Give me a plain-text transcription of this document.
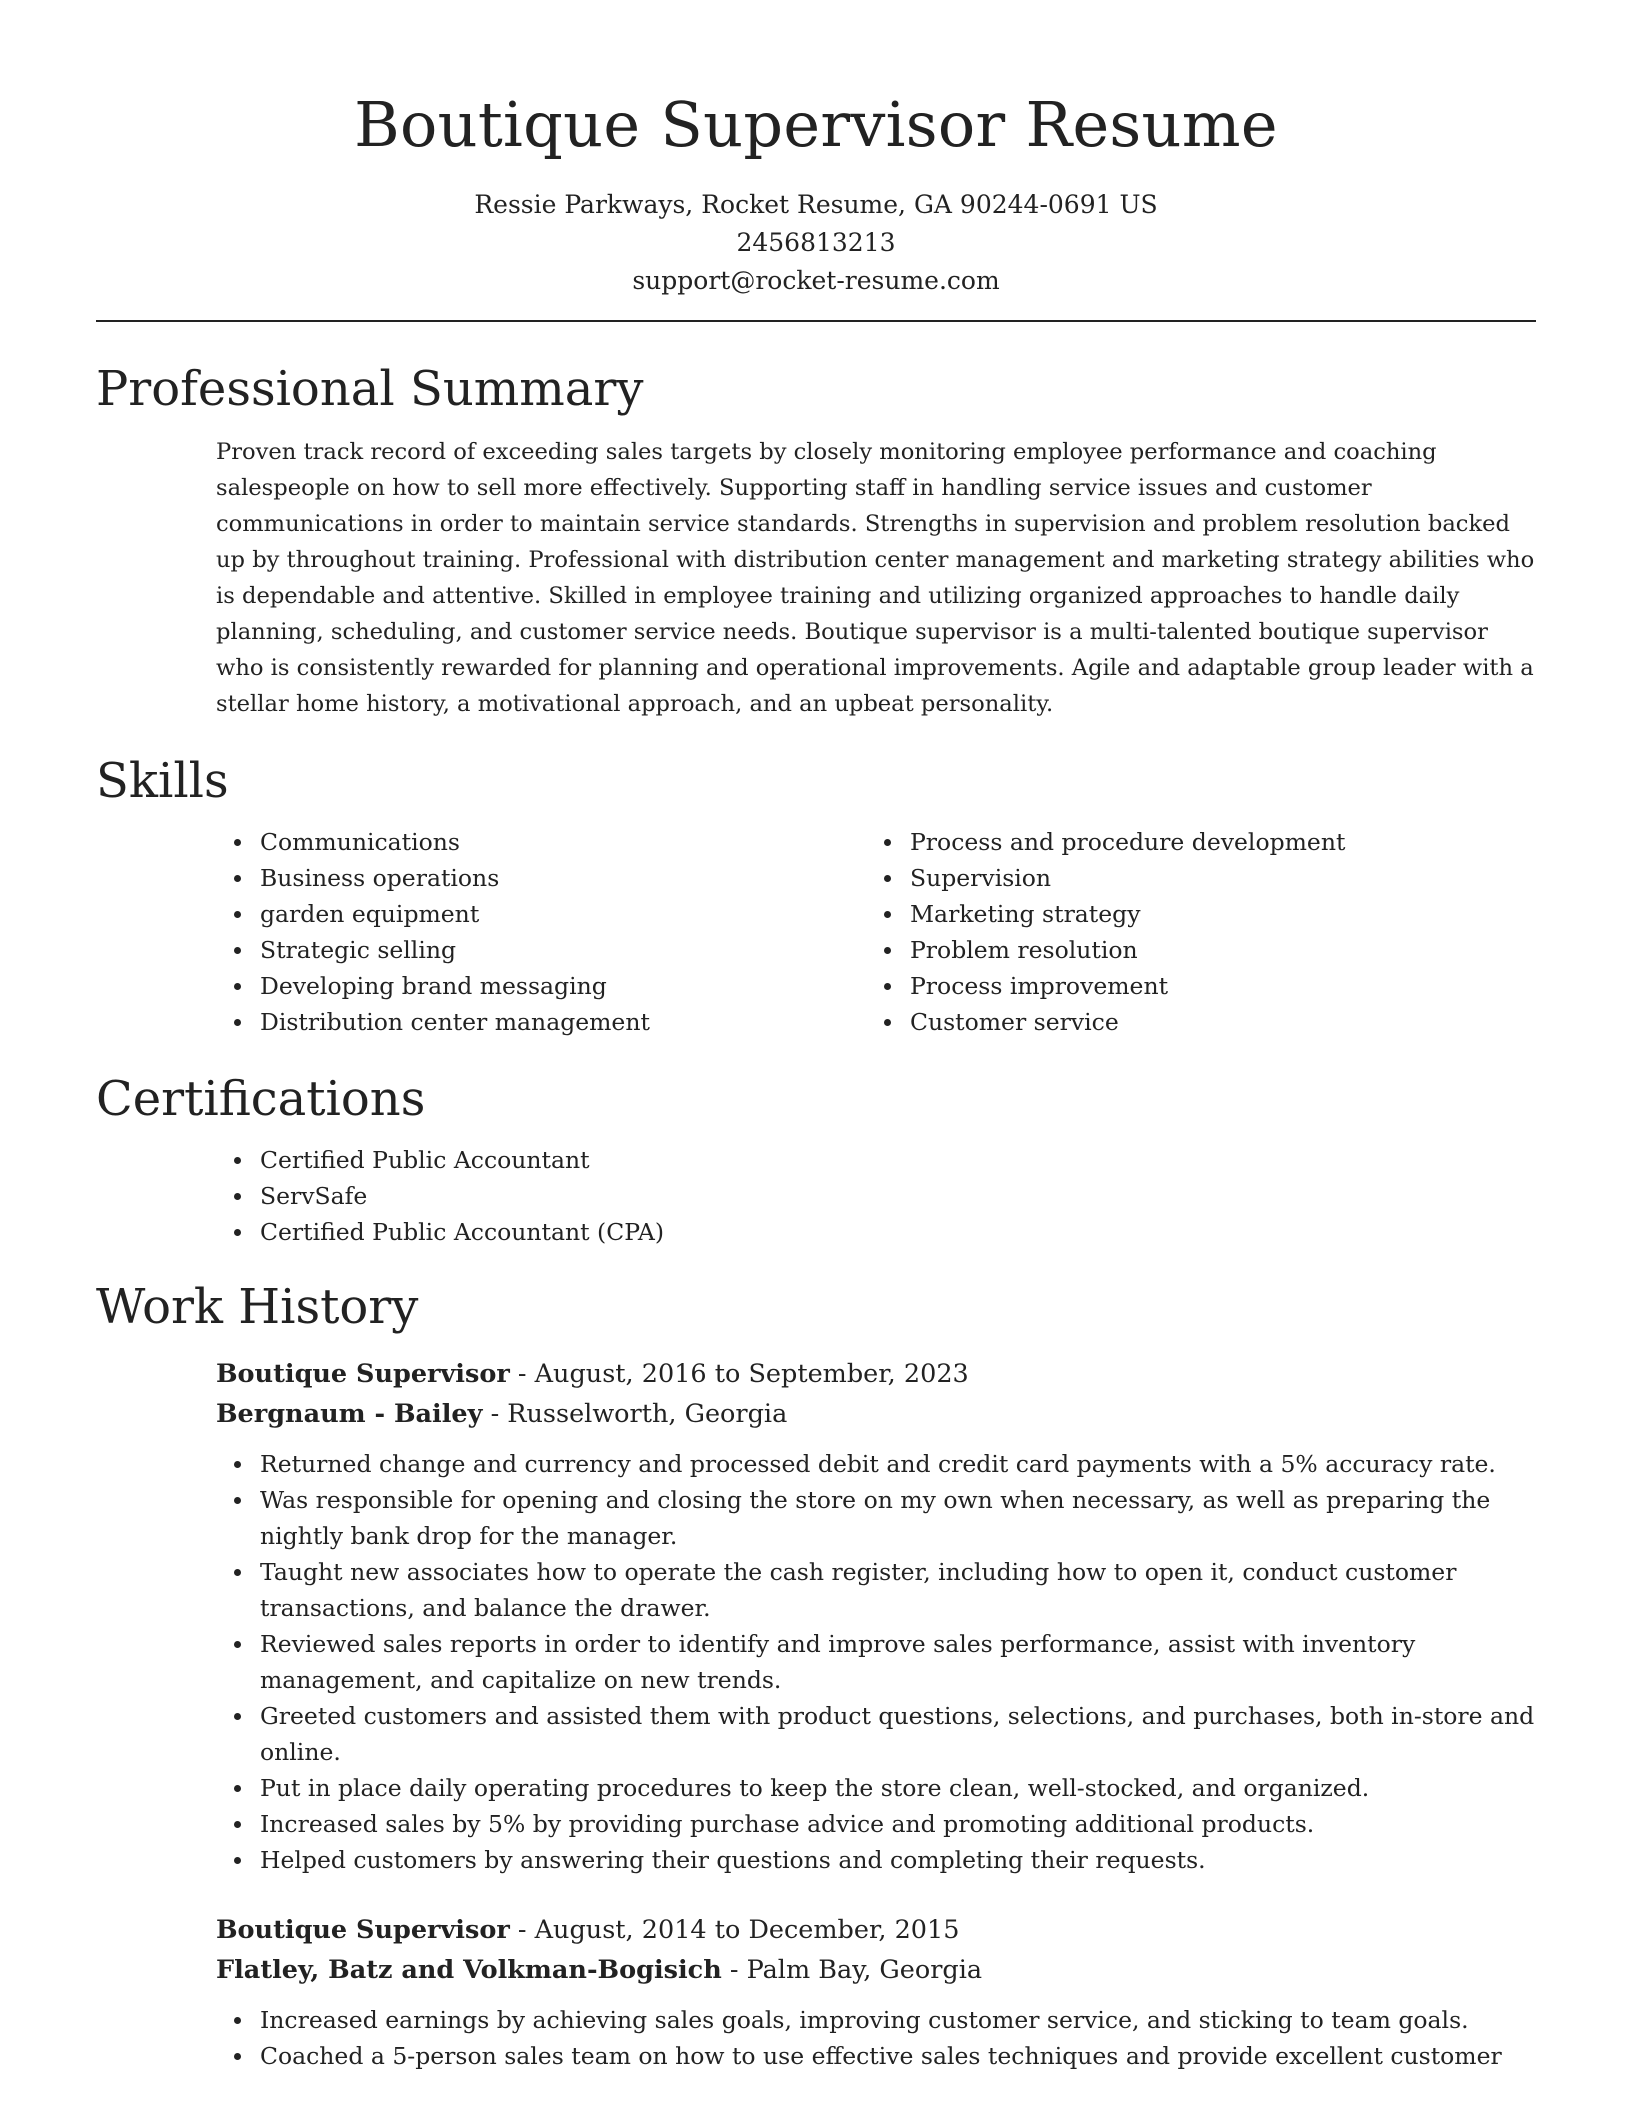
Boutique Supervisor Resume
Ressie Parkways, Rocket Resume, GA 90244-0691 US
2456813213
support@rocket-resume.com
Professional Summary

Proven track record of exceeding sales targets by closely monitoring employee performance and coaching salespeople on how to sell more effectively. Supporting staff in handling service issues and customer communications in order to maintain service standards. Strengths in supervision and problem resolution backed up by throughout training. Professional with distribution center management and marketing strategy abilities who is dependable and attentive. Skilled in employee training and utilizing organized approaches to handle daily planning, scheduling, and customer service needs. Boutique supervisor is a multi-talented boutique supervisor who is consistently rewarded for planning and operational improvements. Agile and adaptable group leader with a stellar home history, a motivational approach, and an upbeat personality.

Skills
Communications
Business operations
garden equipment
Strategic selling
Developing brand messaging
Distribution center management
Process and procedure development
Supervision
Marketing strategy
Problem resolution
Process improvement
Customer service
Certifications
Certified Public Accountant
ServSafe
Certified Public Accountant (CPA)
Work History
Boutique Supervisor - August, 2016 to September, 2023
Bergnaum - Bailey - Russelworth, Georgia
Returned change and currency and processed debit and credit card payments with a 5% accuracy rate.
Was responsible for opening and closing the store on my own when necessary, as well as preparing the nightly bank drop for the manager.
Taught new associates how to operate the cash register, including how to open it, conduct customer transactions, and balance the drawer.
Reviewed sales reports in order to identify and improve sales performance, assist with inventory management, and capitalize on new trends.
Greeted customers and assisted them with product questions, selections, and purchases, both in-store and online.
Put in place daily operating procedures to keep the store clean, well-stocked, and organized.
Increased sales by 5% by providing purchase advice and promoting additional products.
Helped customers by answering their questions and completing their requests.
Boutique Supervisor - August, 2014 to December, 2015
Flatley, Batz and Volkman-Bogisich - Palm Bay, Georgia
Increased earnings by achieving sales goals, improving customer service, and sticking to team goals.
Coached a 5-person sales team on how to use effective sales techniques and provide excellent customer
